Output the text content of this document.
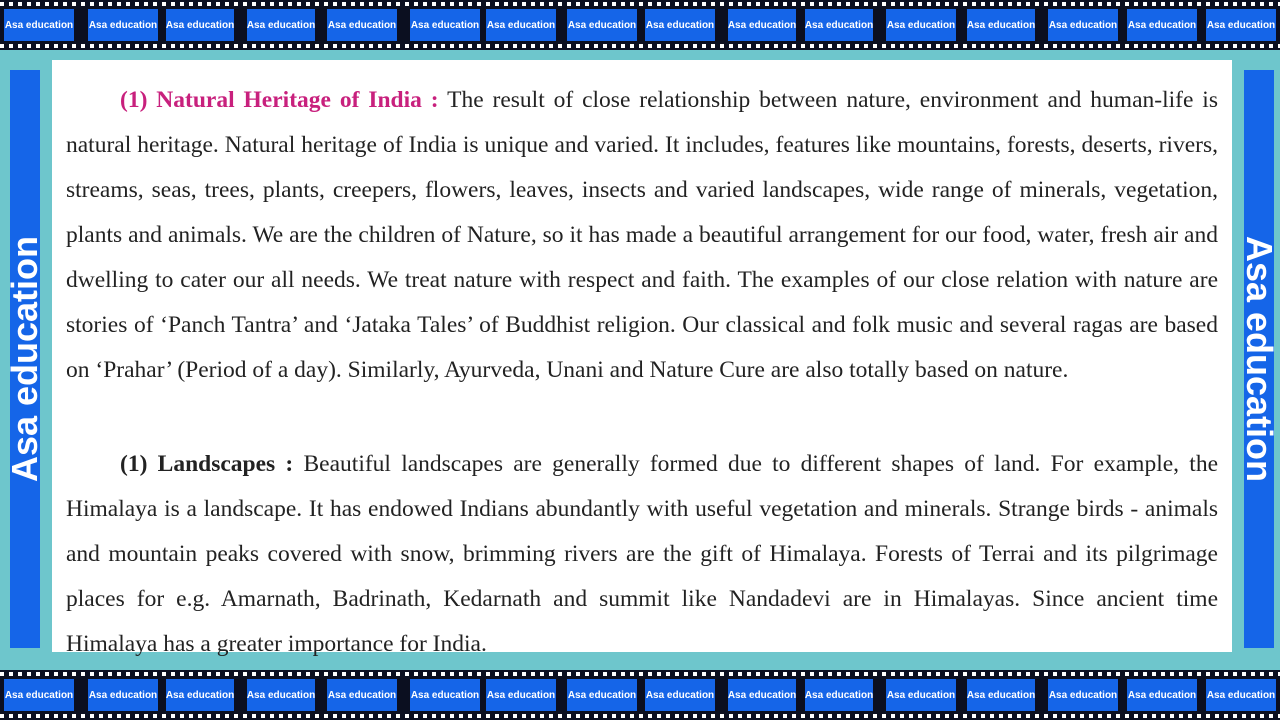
Asa education Asa education Asa education Asa education Asa education Asa education Asa education Asa education Asa education Asa education Asa education Asa education Asa education Asa education Asa education Asa education
Asa education	Asa education

(1) Natural Heritage of India : The result of close relationship between nature, environment and human-life is natural heritage. Natural heritage of India is unique and varied. It includes, features like mountains, forests, deserts, rivers, streams, seas, trees, plants, creepers, flowers, leaves, insects and varied landscapes, wide range of minerals, vegetation, plants and animals. We are the children of Nature, so it has made a beautiful arrangement for our food, water, fresh air and dwelling to cater our all needs. We treat nature with respect and faith. The examples of our close relation with nature are stories of ‘Panch Tantra’ and ‘Jataka Tales’ of Buddhist religion. Our classical and folk music and several ragas are based on ‘Prahar’ (Period of a day). Similarly, Ayurveda, Unani and Nature Cure are also totally based on nature.

(1) Landscapes : Beautiful landscapes are generally formed due to different shapes of land. For example, the Himalaya is a landscape. It has endowed Indians abundantly with useful vegetation and minerals. Strange birds - animals and mountain peaks covered with snow, brimming rivers are the gift of Himalaya. Forests of Terrai and its pilgrimage places for e.g. Amarnath, Badrinath, Kedarnath and summit like Nandadevi are in Himalayas. Since ancient time Himalaya has a greater importance for India.

Asa education Asa education Asa education Asa education Asa education Asa education Asa education Asa education Asa education Asa education Asa education Asa education Asa education Asa education Asa education Asa education
